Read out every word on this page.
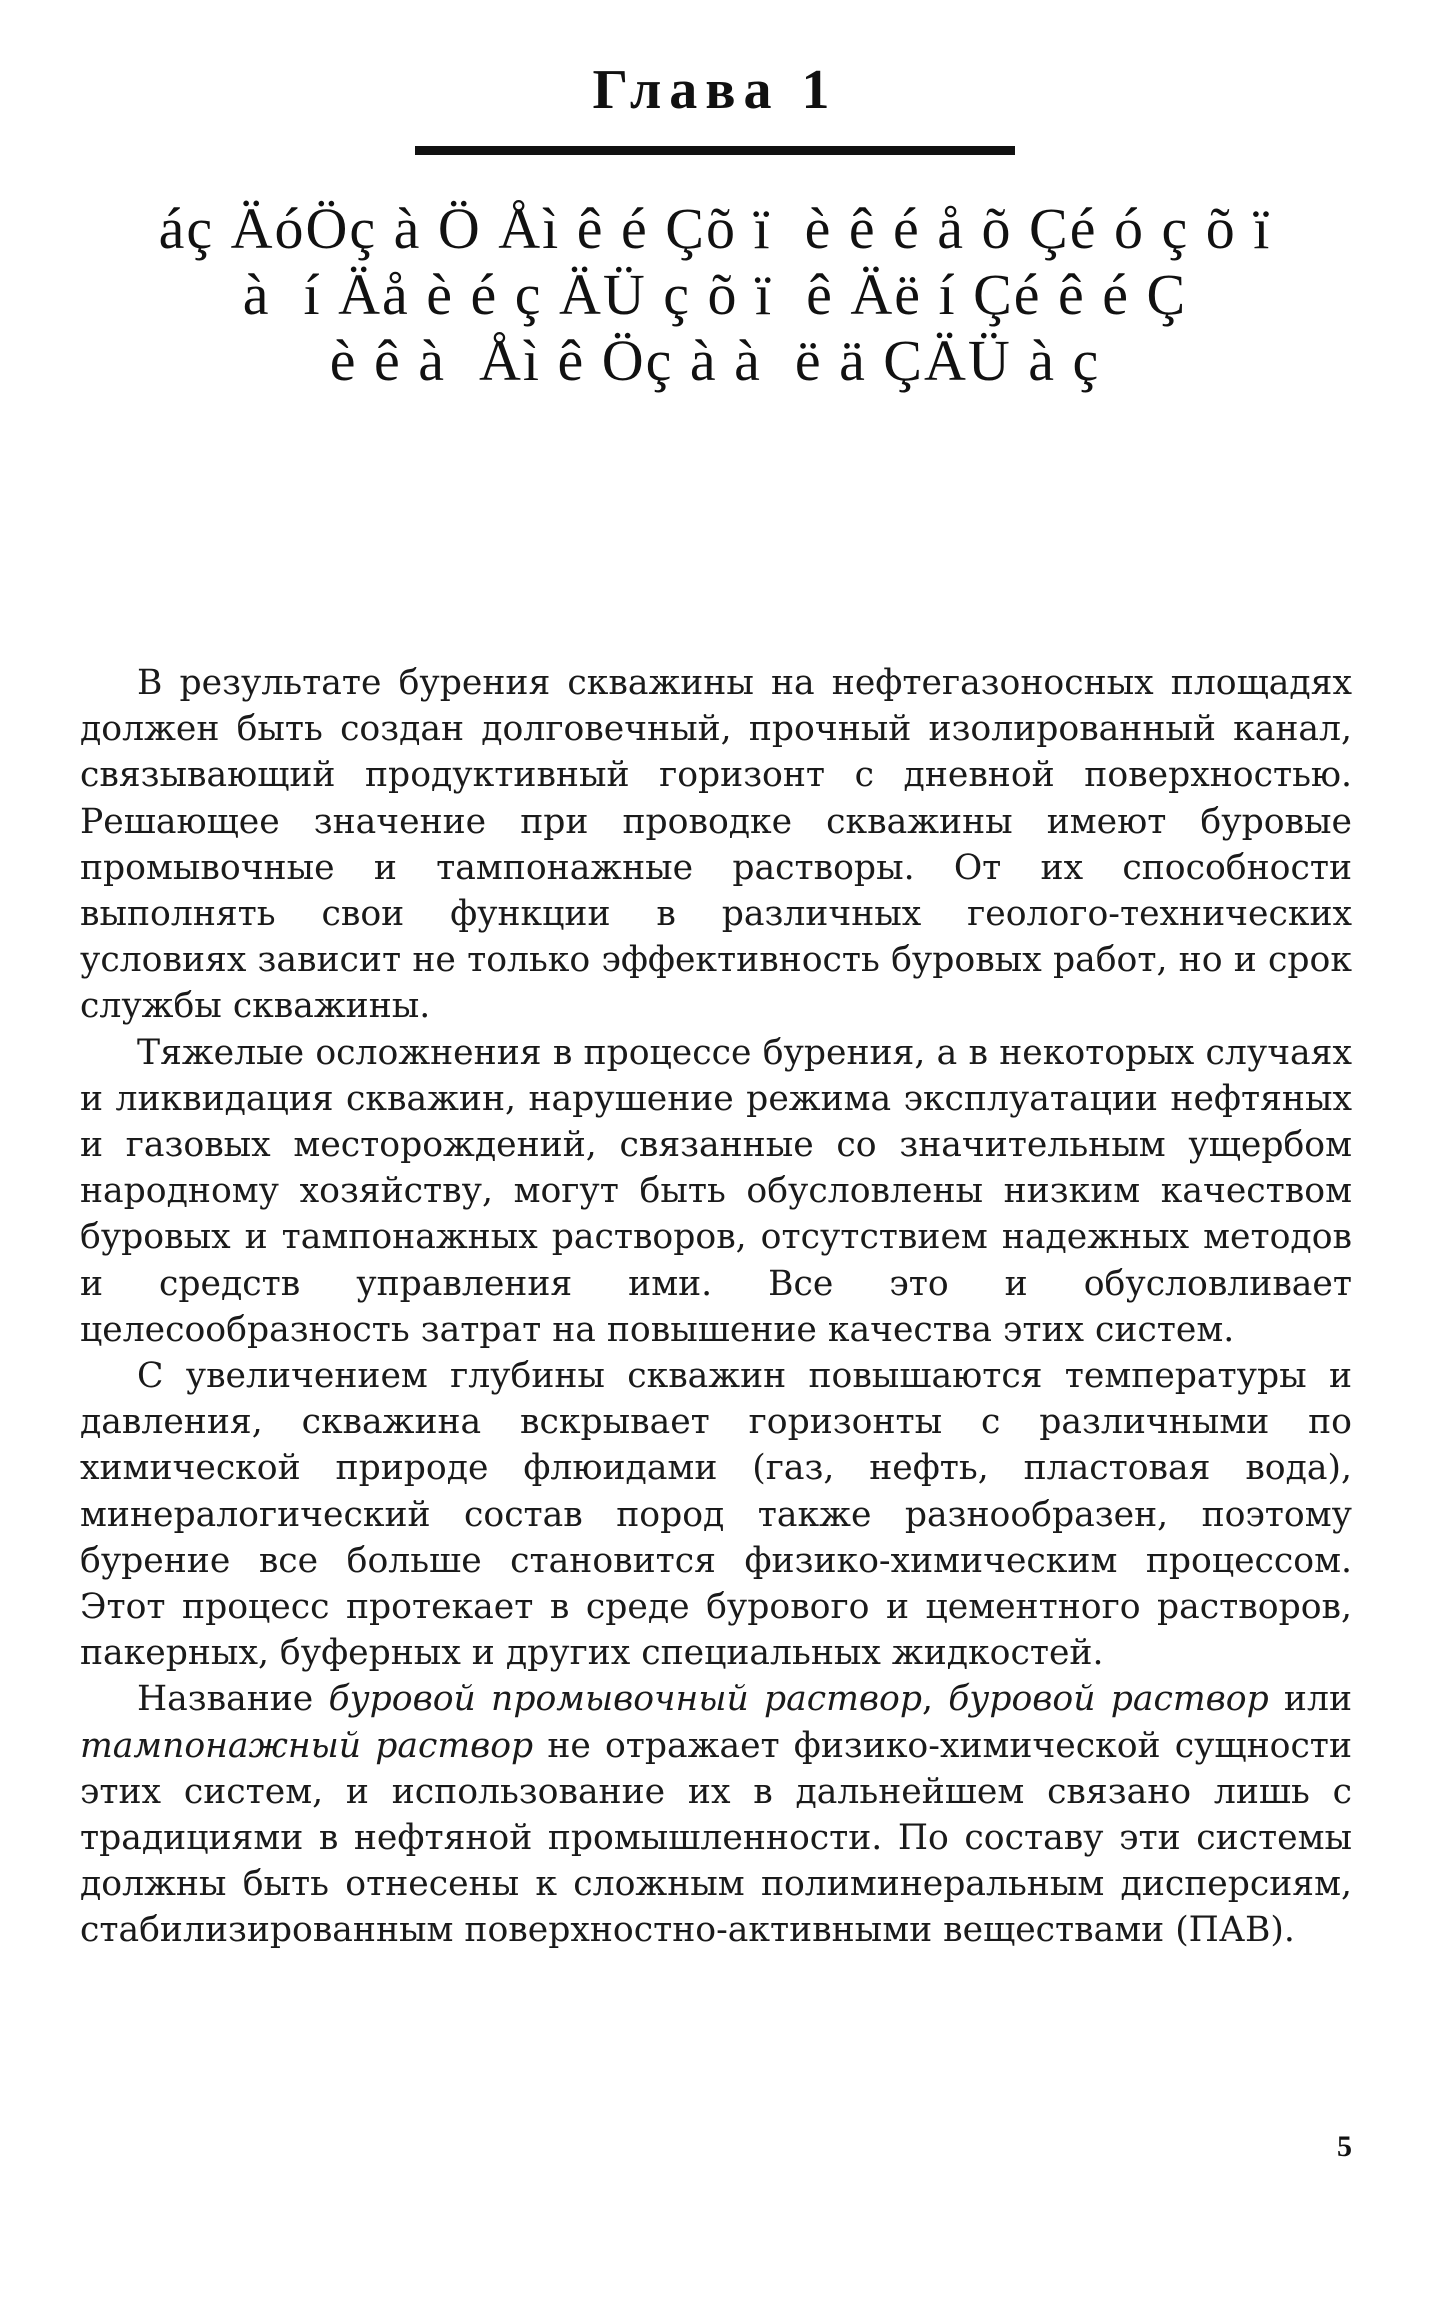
Глава 1
áç ÄóÖç à Ö Åì ê é Çõ ï  è ê é å õ Çé ó ç õ ï
à  í Äå è é ç ÄÜ ç õ ï  ê Äë í Çé ê é Ç
è ê à  Åì ê Öç à à  ë ä ÇÄÜ à ç

В результате бурения скважины на нефтегазоносных площадях должен быть создан долговечный, прочный изолированный канал, связывающий продуктивный горизонт с дневной поверхностью. Решающее значение при проводке скважины имеют буровые промывочные и тампонажные растворы. От их способности выполнять свои функции в различных геолого-технических условиях зависит не только эффективность буровых работ, но и срок службы скважины.

Тяжелые осложнения в процессе бурения, а в некоторых случаях и ликвидация скважин, нарушение режима эксплуатации нефтяных и газовых месторождений, связанные со значительным ущербом народному хозяйству, могут быть обусловлены низким качеством буровых и тампонажных растворов, отсутствием надежных методов и средств управления ими. Все это и обусловливает целесообразность затрат на повышение качества этих систем.

С увеличением глубины скважин повышаются температуры и давления, скважина вскрывает горизонты с различными по химической природе флюидами (газ, нефть, пластовая вода), минералогический состав пород также разнообразен, поэтому бурение все больше становится физико-химическим процессом. Этот процесс протекает в среде бурового и цементного растворов, пакерных, буферных и других специальных жидкостей.

Название буровой промывочный раствор, буровой раствор или тампонажный раствор не отражает физико-химической сущности этих систем, и использование их в дальнейшем связано лишь с традициями в нефтяной промышленности. По составу эти системы должны быть отнесены к сложным полиминеральным дисперсиям, стабилизированным поверхностно-активными веществами (ПАВ).

5
